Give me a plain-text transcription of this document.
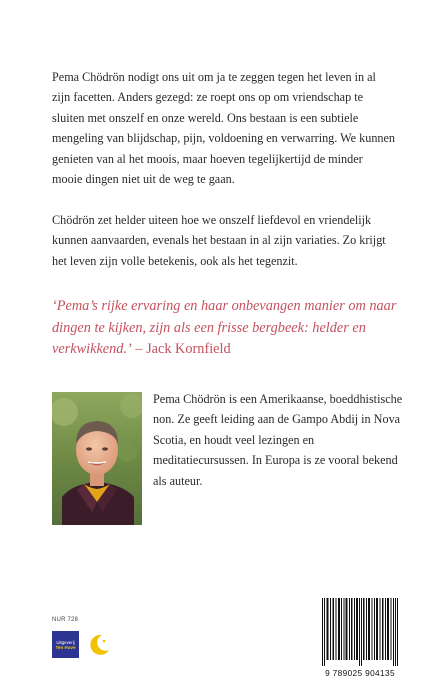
Pema Chödrön nodigt ons uit om ja te zeggen tegen het leven in al zijn facetten. Anders gezegd: ze roept ons op om vriendschap te sluiten met onszelf en onze wereld. Ons bestaan is een subtiele mengeling van blijdschap, pijn, voldoening en verwarring. We kunnen genieten van al het moois, maar hoeven tegelijkertijd de minder mooie dingen niet uit de weg te gaan.

Chödrön zet helder uiteen hoe we onszelf liefdevol en vriendelijk kunnen aanvaarden, evenals het bestaan in al zijn variaties. Zo krijgt het leven zijn volle betekenis, ook als het tegenzit.

‘Pema’s rijke ervaring en haar onbevangen manier om naar dingen te kijken, zijn als een frisse bergbeek: helder en verkwikkend.’ – Jack Kornfield

Pema Chödrön is een Amerikaanse, boeddhistische non. Ze geeft leiding aan de Gampo Abdij in Nova Scotia, en houdt veel lezingen en meditatiecursussen. In Europa is ze vooral bekend als auteur.

NUR 728
Uitgeverij
Ten Have
9 789025 904135
